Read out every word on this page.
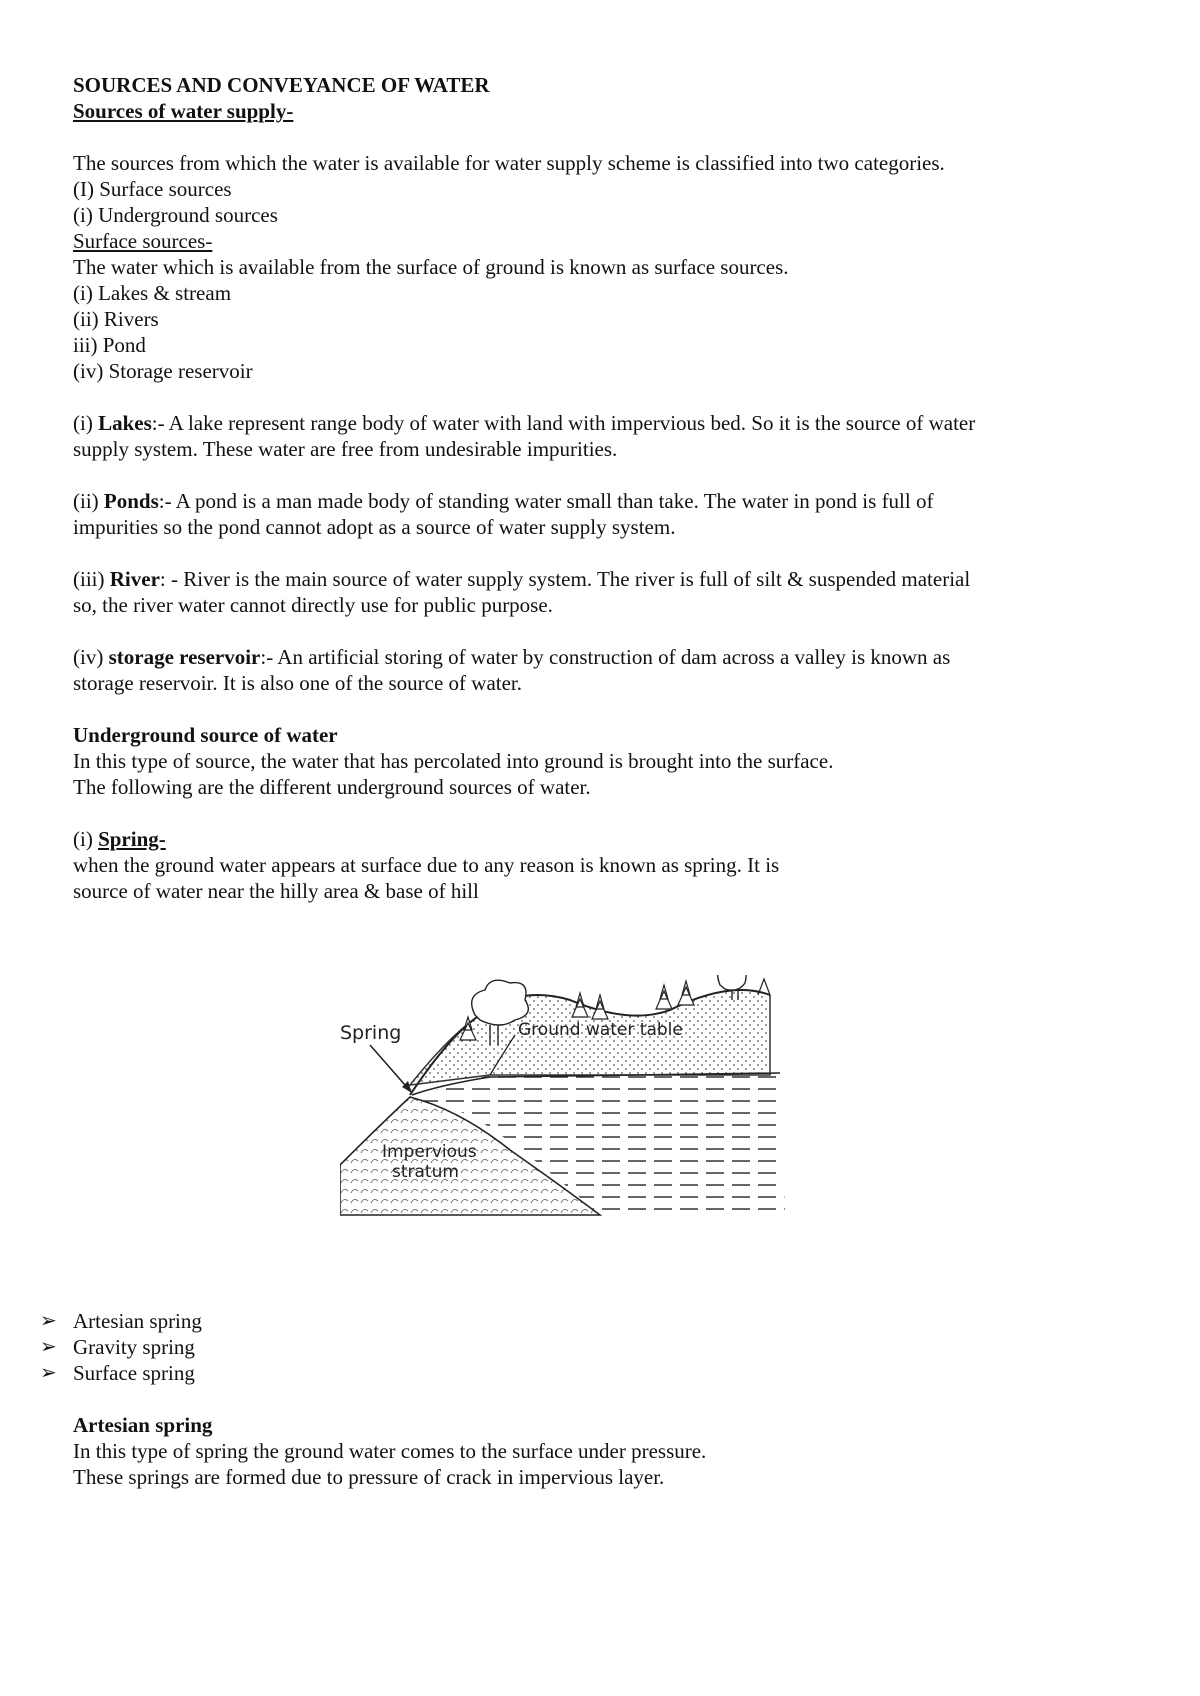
SOURCES AND CONVEYANCE OF WATER
Sources of water supply-
The sources from which the water is available for water supply scheme is classified into two categories.
(I) Surface sources
(i) Underground sources
Surface sources-
The water which is available from the surface of ground is known as surface sources.
(i) Lakes & stream
(ii) Rivers
iii) Pond
(iv) Storage reservoir
(i) Lakes:- A lake represent range body of water with land with impervious bed. So it is the source of water
supply system. These water are free from undesirable impurities.
(ii) Ponds:- A pond is a man made body of standing water small than take. The water in pond is full of
impurities so the pond cannot adopt as a source of water supply system.
(iii) River: - River is the main source of water supply system. The river is full of silt & suspended material
so, the river water cannot directly use for public purpose.
(iv) storage reservoir:- An artificial storing of water by construction of dam across a valley is known as
storage reservoir. It is also one of the source of water.
Underground source of water
In this type of source, the water that has percolated into ground is brought into the surface.
The following are the different underground sources of water.
(i) Spring-
when the ground water appears at surface due to any reason is known as spring. It is
source of water near the hilly area & base of hill
Spring	Ground water table
Impervious
stratum
➢ Artesian spring
➢ Gravity spring
➢ Surface spring
Artesian spring
In this type of spring the ground water comes to the surface under pressure.
These springs are formed due to pressure of crack in impervious layer.
